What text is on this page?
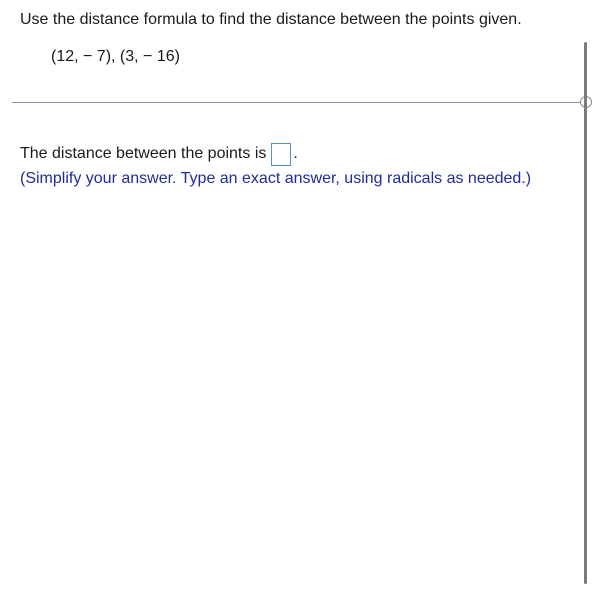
Use the distance formula to find the distance between the points given.
(12, − 7), (3, − 16)
The distance between the points is .
(Simplify your answer. Type an exact answer, using radicals as needed.)
